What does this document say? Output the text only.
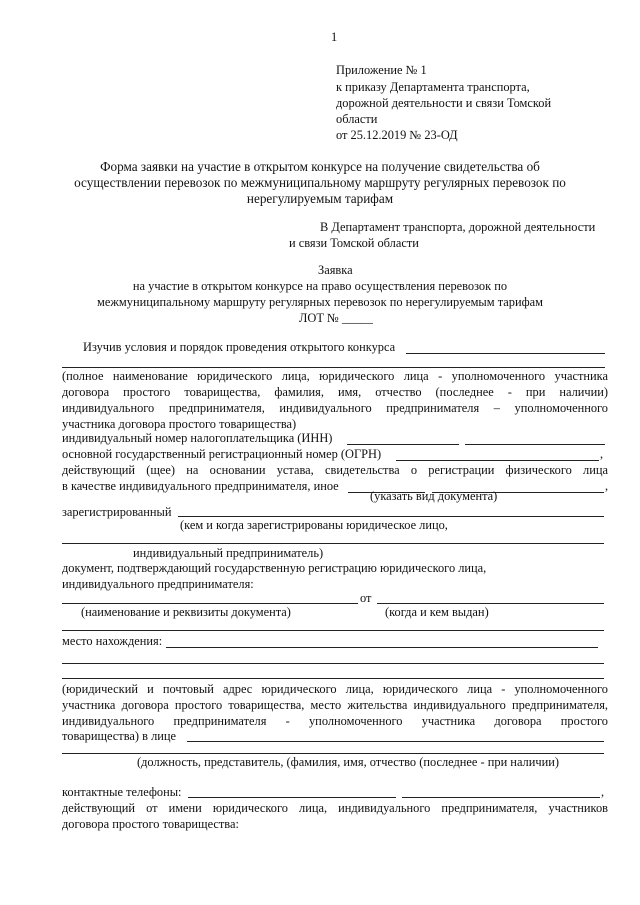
1
Приложение № 1
к приказу Департамента транспорта,
дорожной деятельности и связи Томской
области
от 25.12.2019 № 23-ОД
Форма заявки на участие в открытом конкурсе на получение свидетельства об
осуществлении перевозок по межмуниципальному маршруту регулярных перевозок по
нерегулируемым тарифам
В Департамент транспорта, дорожной деятельности
и связи Томской области
Заявка
на участие в открытом конкурсе на право осуществления перевозок по
межмуниципальному маршруту регулярных перевозок по нерегулируемым тарифам
ЛОТ № _____
Изучив условия и порядок проведения открытого конкурса
(полное наименование юридического лица, юридического лица - уполномоченного участника
договора простого товарищества, фамилия, имя, отчество (последнее - при наличии)
индивидуального предпринимателя, индивидуального предпринимателя – уполномоченного
участника договора простого товарищества)
индивидуальный номер налогоплательщика (ИНН)
основной государственный регистрационный номер (ОГРН)	,
действующий (щее) на основании устава, свидетельства о регистрации физического лица
в качестве индивидуального предпринимателя, иное	,
(указать вид документа)
зарегистрированный
(кем и когда зарегистрированы юридическое лицо,
индивидуальный предприниматель)
документ, подтверждающий государственную регистрацию юридического лица,
индивидуального предпринимателя:
от
(наименование и реквизиты документа)	(когда и кем выдан)
место нахождения:
(юридический и почтовый адрес юридического лица, юридического лица - уполномоченного
участника договора простого товарищества, место жительства индивидуального предпринимателя,
индивидуального предпринимателя - уполномоченного участника договора простого
товарищества) в лице
(должность, представитель, (фамилия, имя, отчество (последнее - при наличии)
контактные телефоны:	,
действующий от имени юридического лица, индивидуального предпринимателя, участников
договора простого товарищества:
